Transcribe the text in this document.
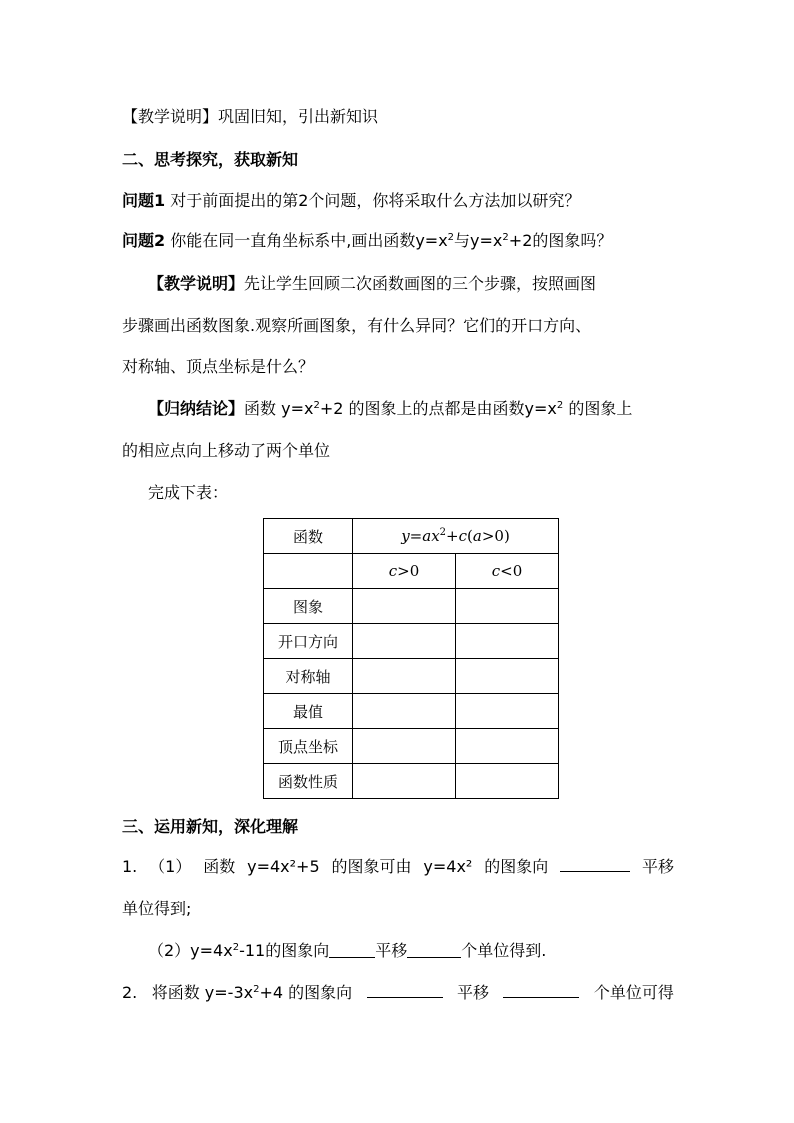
【教学说明】巩固旧知，引出新知识
二、思考探究，获取新知
问题1 对于前面提出的第2个问题，你将采取什么方法加以研究？
问题2 你能在同一直角坐标系中,画出函数$y=x^2$与$y=x^2+2$的图象吗？
【教学说明】先让学生回顾二次函数画图的三个步骤，按照画图
步骤画出函数图象.观察所画图象，有什么异同？它们的开口方向、
对称轴、顶点坐标是什么？
【归纳结论】函数 $y=x^2+2$ 的图象上的点都是由函数$y=x^2$ 的图象上
的相应点向上移动了两个单位
完成下表：
函数	$y=ax^2+c(a>0)$	
	c>0	c<0
图象		
开口方向		
对称轴		
最值		
顶点坐标		
函数性质		
三、运用新知，深化理解
1. （1） 函数 y=4x²+5 的图象可由 y=4x² 的图象向	平移
单位得到;
$(2)y=4x^2-11$的图象向	平移	个单位得到.
2. 将函数 $y=-3x^2+4$ 的图象向	平移	个单位可得
